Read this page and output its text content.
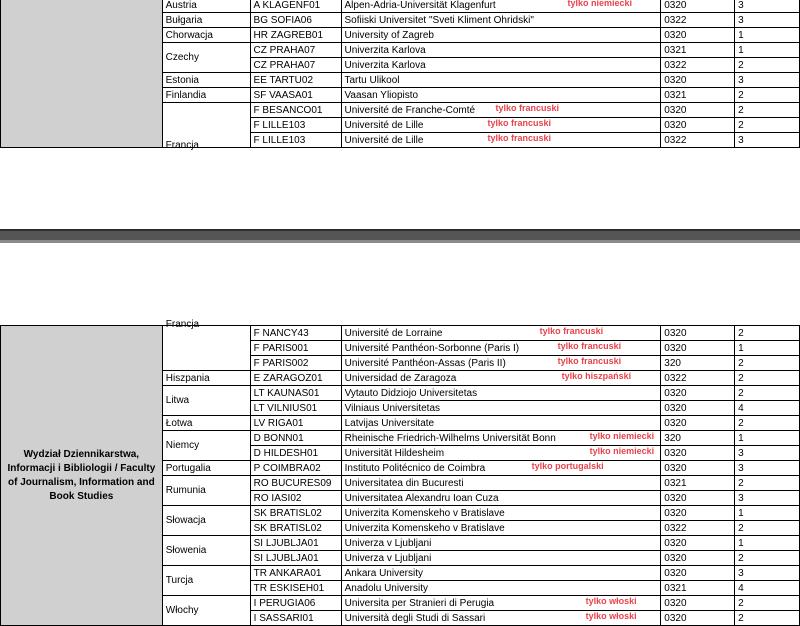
	Austria	A KLAGENF01	Alpen-Adria-Universität Klagenfurt tylko niemiecki	0320	3
	Bułgaria	BG SOFIA06	Sofiiski Universitet "Sveti Kliment Ohridski"	0322	3
	Chorwacja	HR ZAGREB01	University of Zagreb	0320	1
	Czechy	CZ PRAHA07	Univerzita Karlova	0321	1
		CZ PRAHA07	Univerzita Karlova	0322	2
	Estonia	EE TARTU02	Tartu Ulikool	0320	3
	Finlandia	SF VAASA01	Vaasan Yliopisto	0321	2
	Francja	F BESANCO01	Université de Franche-Comté tylko francuski	0320	2
		F LILLE103	Université de Lille tylko francuski	0320	2
		F LILLE103	Université de Lille tylko francuski	0322	3
Wydział Dziennikarstwa, Informacji i Bibliologii / Faculty of Journalism, Information and Book Studies	Francja	F NANCY43	Université de Lorraine tylko francuski	0320	2
		F PARIS001	Université Panthéon-Sorbonne (Paris I) tylko francuski	0320	1
		F PARIS002	Université Panthéon-Assas (Paris II) tylko francuski	320	2
	Hiszpania	E ZARAGOZ01	Universidad de Zaragoza tylko hiszpański	0322	2
	Litwa	LT KAUNAS01	Vytauto Didziojo Universitetas	0320	2
		LT VILNIUS01	Vilniaus Universitetas	0320	4
	Łotwa	LV RIGA01	Latvijas Universitate	0320	2
	Niemcy	D BONN01	Rheinische Friedrich-Wilhelms Universität Bonn tylko niemiecki	320	1
		D HILDESH01	Universität Hildesheim tylko niemiecki	0320	3
	Portugalia	P COIMBRA02	Instituto Politécnico de Coimbra tylko portugalski	0320	3
	Rumunia	RO BUCURES09	Universitatea din Bucuresti	0321	2
		RO IASI02	Universitatea Alexandru Ioan Cuza	0320	3
	Słowacja	SK BRATISL02	Univerzita Komenskeho v Bratislave	0320	1
		SK BRATISL02	Univerzita Komenskeho v Bratislave	0322	2
	Słowenia	SI LJUBLJA01	Univerza v Ljubljani	0320	1
		SI LJUBLJA01	Univerza v Ljubljani	0320	2
	Turcja	TR ANKARA01	Ankara University	0320	3
		TR ESKISEH01	Anadolu University	0321	4
	Włochy	I PERUGIA06	Universita per Stranieri di Perugia tylko włoski	0320	2
		I SASSARI01	Università degli Studi di Sassari tylko włoski	0320	2
